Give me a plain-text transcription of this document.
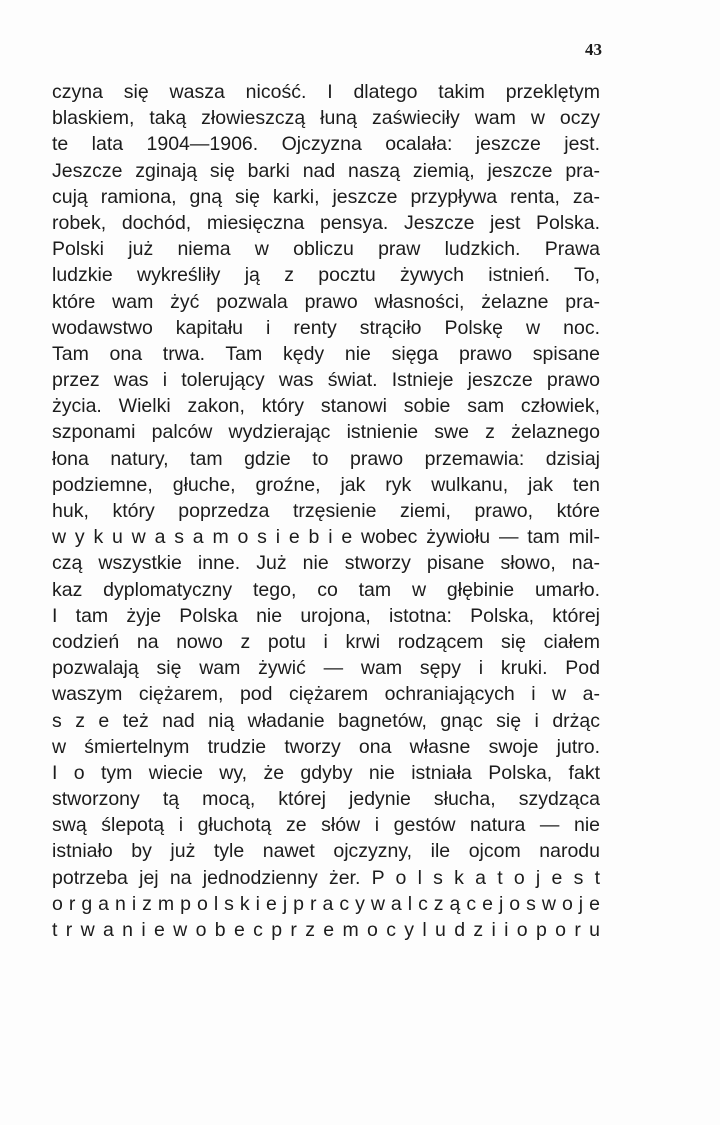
43
czyna się wasza nicość. I dlatego takim przeklętym
blaskiem, taką złowieszczą łuną zaświeciły wam w oczy
te lata 1904—1906. Ojczyzna ocalała: jeszcze jest.
Jeszcze zginają się barki nad naszą ziemią, jeszcze pra-
cują ramiona, gną się karki, jeszcze przypływa renta, za-
robek, dochód, miesięczna pensya. Jeszcze jest Polska.
Polski już niema w obliczu praw ludzkich. Prawa
ludzkie wykreśliły ją z pocztu żywych istnień. To,
które wam żyć pozwala prawo własności, żelazne pra-
wodawstwo kapitału i renty strąciło Polskę w noc.
Tam ona trwa. Tam kędy nie sięga prawo spisane
przez was i tolerujący was świat. Istnieje jeszcze prawo
życia. Wielki zakon, który stanowi sobie sam człowiek,
szponami palców wydzierając istnienie swe z żelaznego
łona natury, tam gdzie to prawo przemawia: dzisiaj
podziemne, głuche, groźne, jak ryk wulkanu, jak ten
huk, który poprzedza trzęsienie ziemi, prawo, które
w y k u w a s a m o s i e b i e wobec żywiołu — tam mil-
czą wszystkie inne. Już nie stworzy pisane słowo, na-
kaz dyplomatyczny tego, co tam w głębinie umarło.
I tam żyje Polska nie urojona, istotna: Polska, której
codzień na nowo z potu i krwi rodzącem się ciałem
pozwalają się wam żywić — wam sępy i kruki. Pod
waszym ciężarem, pod ciężarem ochraniających i w a-
s z e też nad nią władanie bagnetów, gnąc się i drżąc
w śmiertelnym trudzie tworzy ona własne swoje jutro.
I o tym wiecie wy, że gdyby nie istniała Polska, fakt
stworzony tą mocą, której jedynie słucha, szydząca
swą ślepotą i głuchotą ze słów i gestów natura — nie
istniało by już tyle nawet ojczyzny, ile ojcom narodu
potrzeba jej na jednodzienny żer. P o l s k a t o j e s t
o r g a n i z m p o l s k i e j p r a c y w a l c z ą c e j o s w o j e
t r w a n i e w o b e c p r z e m o c y l u d z i i o p o r u
